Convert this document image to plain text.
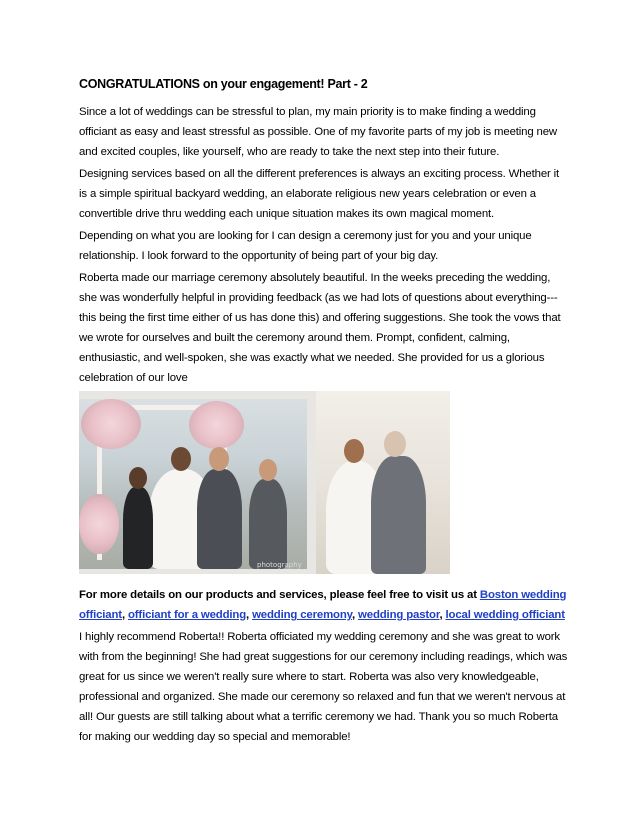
CONGRATULATIONS on your engagement! Part - 2
Since a lot of weddings can be stressful to plan, my main priority is to make finding a wedding officiant as easy and least stressful as possible. One of my favorite parts of my job is meeting new and excited couples, like yourself, who are ready to take the next step into their future.
Designing services based on all the different preferences is always an exciting process. Whether it is a simple spiritual backyard wedding, an elaborate religious new years celebration or even a convertible drive thru wedding each unique situation makes its own magical moment.
Depending on what you are looking for I can design a ceremony just for you and your unique relationship. I look forward to the opportunity of being part of your big day.
Roberta made our marriage ceremony absolutely beautiful. In the weeks preceding the wedding, she was wonderfully helpful in providing feedback (as we had lots of questions about everything---this being the first time either of us has done this) and offering suggestions. She took the vows that we wrote for ourselves and built the ceremony around them. Prompt, confident, calming, enthusiastic, and well-spoken, she was exactly what we needed. She provided for us a glorious celebration of our love
photography
For more details on our products and services, please feel free to visit us at Boston wedding officiant, officiant for a wedding, wedding ceremony, wedding pastor, local wedding officiant
I highly recommend Roberta!! Roberta officiated my wedding ceremony and she was great to work with from the beginning! She had great suggestions for our ceremony including readings, which was great for us since we weren't really sure where to start. Roberta was also very knowledgeable, professional and organized. She made our ceremony so relaxed and fun that we weren't nervous at all! Our guests are still talking about what a terrific ceremony we had. Thank you so much Roberta for making our wedding day so special and memorable!
